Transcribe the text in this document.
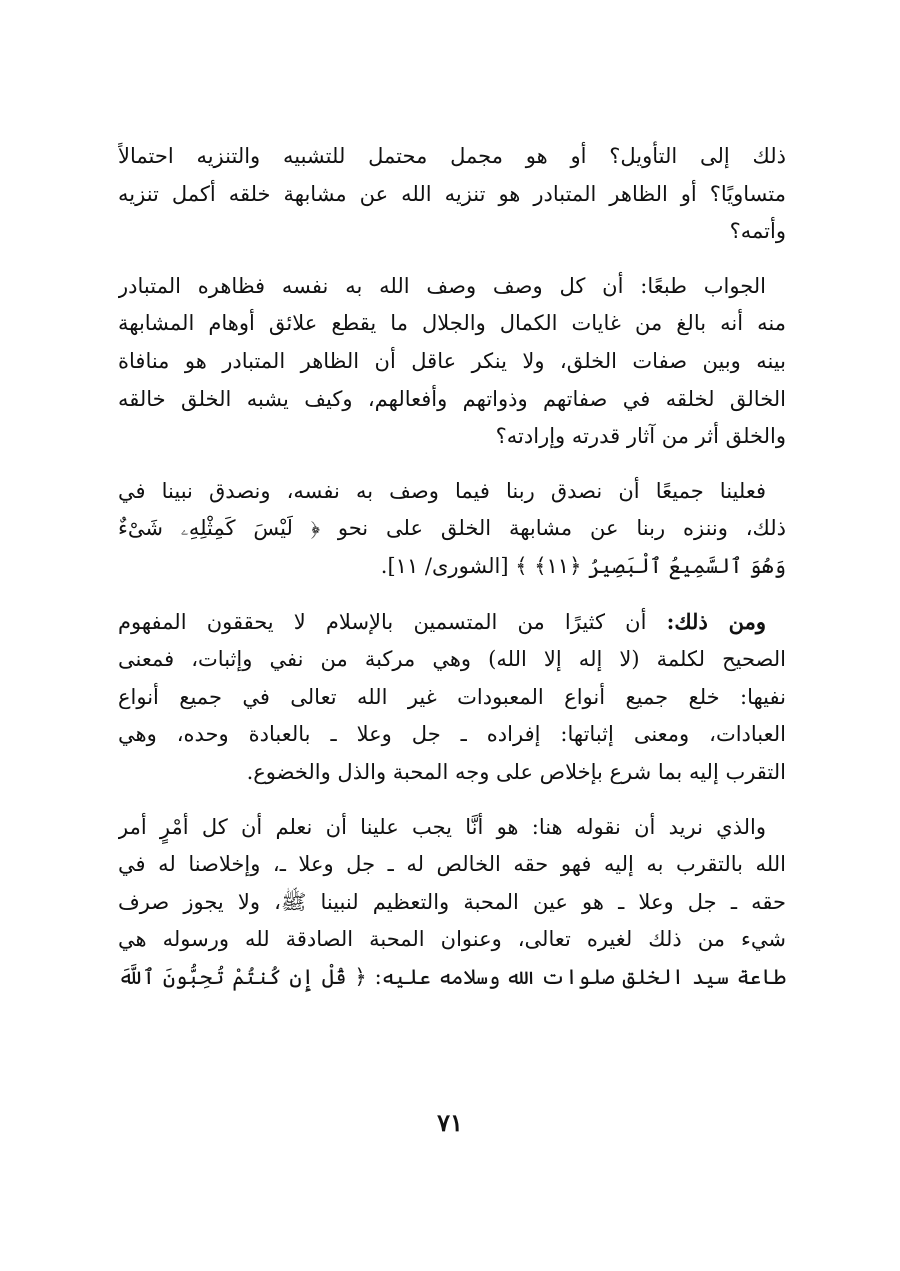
ذلك إلى التأويل؟ أو هو مجمل محتمل للتشبيه والتنزيه احتمالاً
متساويًا؟ أو الظاهر المتبادر هو تنزيه الله عن مشابهة خلقه أكمل تنزيه
وأتمه؟
الجواب طبعًا: أن كل وصف وصف الله به نفسه فظاهره المتبادر
منه أنه بالغ من غايات الكمال والجلال ما يقطع علائق أوهام المشابهة
بينه وبين صفات الخلق، ولا ينكر عاقل أن الظاهر المتبادر هو منافاة
الخالق لخلقه في صفاتهم وذواتهم وأفعالهم، وكيف يشبه الخلق خالقه
والخلق أثر من آثار قدرته وإرادته؟
فعلينا جميعًا أن نصدق ربنا فيما وصف به نفسه، ونصدق نبينا في
ذلك، وننزه ربنا عن مشابهة الخلق على نحو ﴿ لَيْسَ كَمِثْلِهِۦ شَىْءٌ
وَهُوَ ٱلسَّمِيعُ ٱلْبَصِيرُ ﴿١١﴾ ﴾ [الشورى/ ١١].
ومن ذلك: أن كثيرًا من المتسمين بالإسلام لا يحققون المفهوم
الصحيح لكلمة (لا إله إلا الله) وهي مركبة من نفي وإثبات، فمعنى
نفيها: خلع جميع أنواع المعبودات غير الله تعالى في جميع أنواع
العبادات، ومعنى إثباتها: إفراده ـ جل وعلا ـ بالعبادة وحده، وهي
التقرب إليه بما شرع بإخلاص على وجه المحبة والذل والخضوع.
والذي نريد أن نقوله هنا: هو أنَّا يجب علينا أن نعلم أن كل أمْرٍ أمر
الله بالتقرب به إليه فهو حقه الخالص له ـ جل وعلا ـ، وإخلاصنا له في
حقه ـ جل وعلا ـ هو عين المحبة والتعظيم لنبينا ﷺ، ولا يجوز صرف
شيء من ذلك لغيره تعالى، وعنوان المحبة الصادقة لله ورسوله هي
طاعة سيد الخلق صلوات الله وسلامه عليه: ﴿ قُلْ إِن كُنتُمْ تُحِبُّونَ ٱللَّهَ
٧١
